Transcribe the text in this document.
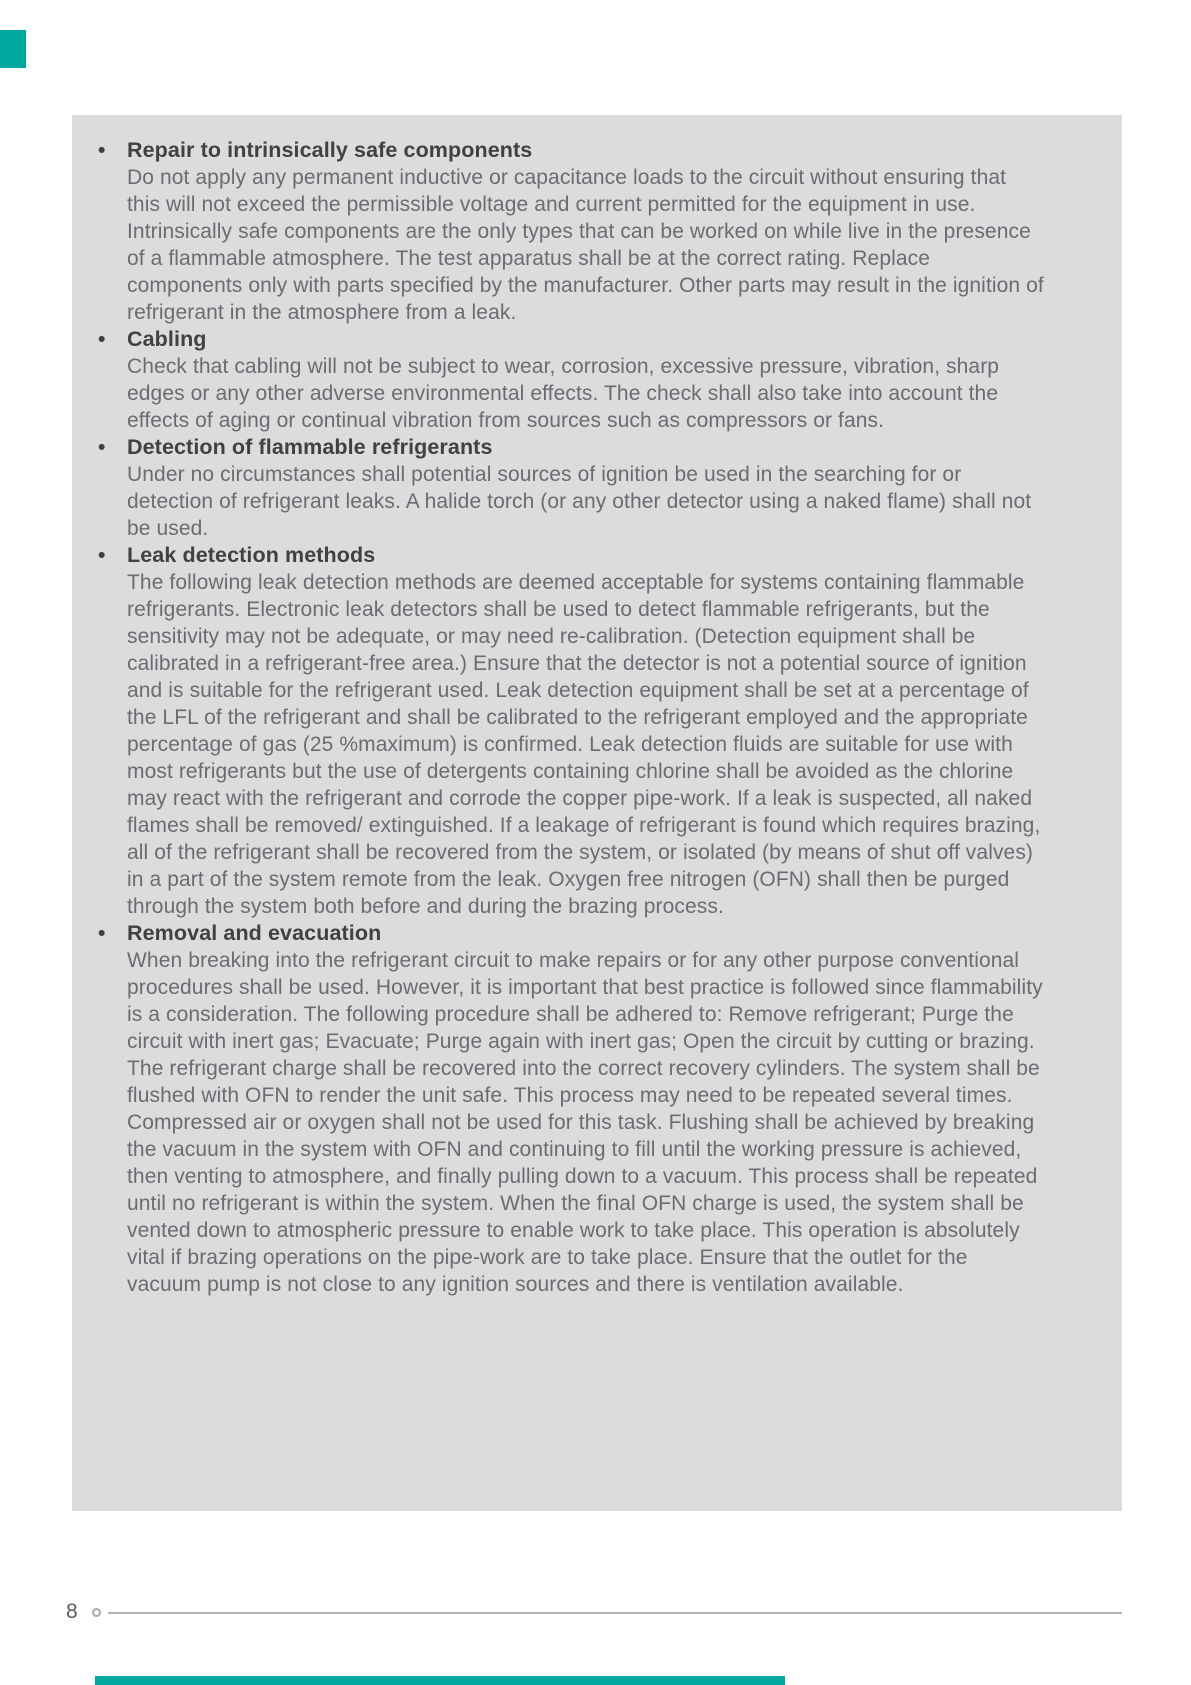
•	Repair to intrinsically safe components
Do not apply any permanent inductive or capacitance loads to the circuit without ensuring that this will not exceed the permissible voltage and current permitted for the equipment in use. Intrinsically safe components are the only types that can be worked on while live in the presence of a flammable atmosphere. The test apparatus shall be at the correct rating. Replace components only with parts specified by the manufacturer. Other parts may result in the ignition of refrigerant in the atmosphere from a leak.
•	Cabling
Check that cabling will not be subject to wear, corrosion, excessive pressure, vibration, sharp edges or any other adverse environmental effects. The check shall also take into account the effects of aging or continual vibration from sources such as compressors or fans.
•	Detection of flammable refrigerants
Under no circumstances shall potential sources of ignition be used in the searching for or detection of refrigerant leaks. A halide torch (or any other detector using a naked flame) shall not be used.
•	Leak detection methods
The following leak detection methods are deemed acceptable for systems containing flammable refrigerants. Electronic leak detectors shall be used to detect flammable refrigerants, but the sensitivity may not be adequate, or may need re-calibration. (Detection equipment shall be calibrated in a refrigerant-free area.) Ensure that the detector is not a potential source of ignition and is suitable for the refrigerant used. Leak detection equipment shall be set at a percentage of the LFL of the refrigerant and shall be calibrated to the refrigerant employed and the appropriate percentage of gas (25 %maximum) is confirmed. Leak detection fluids are suitable for use with most refrigerants but the use of detergents containing chlorine shall be avoided as the chlorine may react with the refrigerant and corrode the copper pipe-work. If a leak is suspected, all naked flames shall be removed/ extinguished. If a leakage of refrigerant is found which requires brazing, all of the refrigerant shall be recovered from the system, or isolated (by means of shut off valves) in a part of the system remote from the leak. Oxygen free nitrogen (OFN) shall then be purged through the system both before and during the brazing process.
•	Removal and evacuation
When breaking into the refrigerant circuit to make repairs or for any other purpose conventional procedures shall be used. However, it is important that best practice is followed since flammability is a consideration. The following procedure shall be adhered to: Remove refrigerant; Purge the circuit with inert gas; Evacuate; Purge again with inert gas; Open the circuit by cutting or brazing. The refrigerant charge shall be recovered into the correct recovery cylinders. The system shall be flushed with OFN to render the unit safe. This process may need to be repeated several times. Compressed air or oxygen shall not be used for this task. Flushing shall be achieved by breaking the vacuum in the system with OFN and continuing to fill until the working pressure is achieved, then venting to atmosphere, and finally pulling down to a vacuum. This process shall be repeated until no refrigerant is within the system. When the final OFN charge is used, the system shall be vented down to atmospheric pressure to enable work to take place. This operation is absolutely vital if brazing operations on the pipe-work are to take place. Ensure that the outlet for the vacuum pump is not close to any ignition sources and there is ventilation available.
8
